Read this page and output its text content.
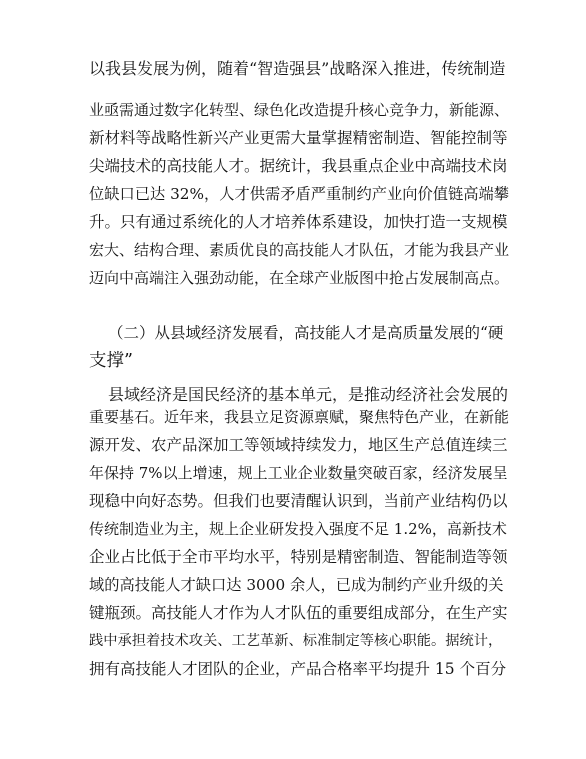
以我县发展为例，随着“智造强县”战略深入推进，传统制造
业亟需通过数字化转型、绿色化改造提升核心竞争力，新能源、
新材料等战略性新兴产业更需大量掌握精密制造、智能控制等
尖端技术的高技能人才。据统计，我县重点企业中高端技术岗
位缺口已达 32%，人才供需矛盾严重制约产业向价值链高端攀
升。只有通过系统化的人才培养体系建设，加快打造一支规模
宏大、结构合理、素质优良的高技能人才队伍，才能为我县产业
迈向中高端注入强劲动能，在全球产业版图中抢占发展制高点。
（二）从县域经济发展看，高技能人才是高质量发展的“硬
支撑”
县域经济是国民经济的基本单元，是推动经济社会发展的
重要基石。近年来，我县立足资源禀赋，聚焦特色产业，在新能
源开发、农产品深加工等领域持续发力，地区生产总值连续三
年保持 7%以上增速，规上工业企业数量突破百家，经济发展呈
现稳中向好态势。但我们也要清醒认识到，当前产业结构仍以
传统制造业为主，规上企业研发投入强度不足 1.2%，高新技术
企业占比低于全市平均水平，特别是精密制造、智能制造等领
域的高技能人才缺口达 3000 余人，已成为制约产业升级的关
键瓶颈。高技能人才作为人才队伍的重要组成部分，在生产实
践中承担着技术攻关、工艺革新、标准制定等核心职能。据统计，
拥有高技能人才团队的企业，产品合格率平均提升 15 个百分
